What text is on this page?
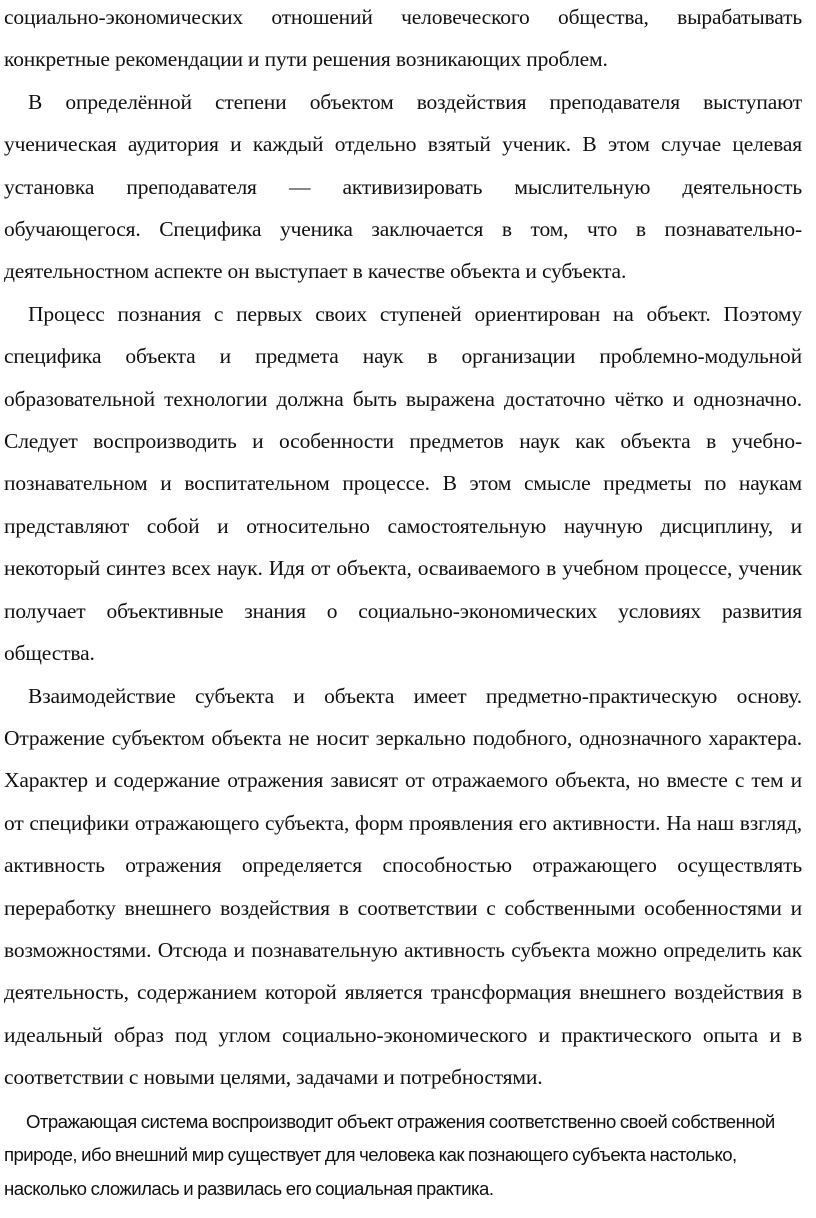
социально-экономических отношений человеческого общества, вырабатывать конкретные рекомендации и пути решения возникающих проблем.

В определённой степени объектом воздействия преподавателя выступают ученическая аудитория и каждый отдельно взятый ученик. В этом случае целевая установка преподавателя — активизировать мыслительную деятельность обучающегося. Специфика ученика заключается в том, что в познавательно-деятельностном аспекте он выступает в качестве объекта и субъекта.

Процесс познания с первых своих ступеней ориентирован на объект. Поэтому специфика объекта и предмета наук в организации проблемно-модульной образовательной технологии должна быть выражена достаточно чётко и однозначно. Следует воспроизводить и особенности предметов наук как объекта в учебно-познавательном и воспитательном процессе. В этом смысле предметы по наукам представляют собой и относительно самостоятельную научную дисциплину, и некоторый синтез всех наук. Идя от объекта, осваиваемого в учебном процессе, ученик получает объективные знания о социально-экономических условиях развития общества.

Взаимодействие субъекта и объекта имеет предметно-практическую основу. Отражение субъектом объекта не носит зеркально подобного, однозначного характера. Характер и содержание отражения зависят от отражаемого объекта, но вместе с тем и от специфики отражающего субъекта, форм проявления его активности. На наш взгляд, активность отражения определяется способностью отражающего осуществлять переработку внешнего воздействия в соответствии с собственными особенностями и возможностями. Отсюда и познавательную активность субъекта можно определить как деятельность, содержанием которой является трансформация внешнего воздействия в идеальный образ под углом социально-экономического и практического опыта и в соответствии с новыми целями, задачами и потребностями.

Отражающая система воспроизводит объект отражения соответственно своей собственной природе, ибо внешний мир существует для человека как познающего субъекта настолько, насколько сложилась и развилась его социальная практика.
